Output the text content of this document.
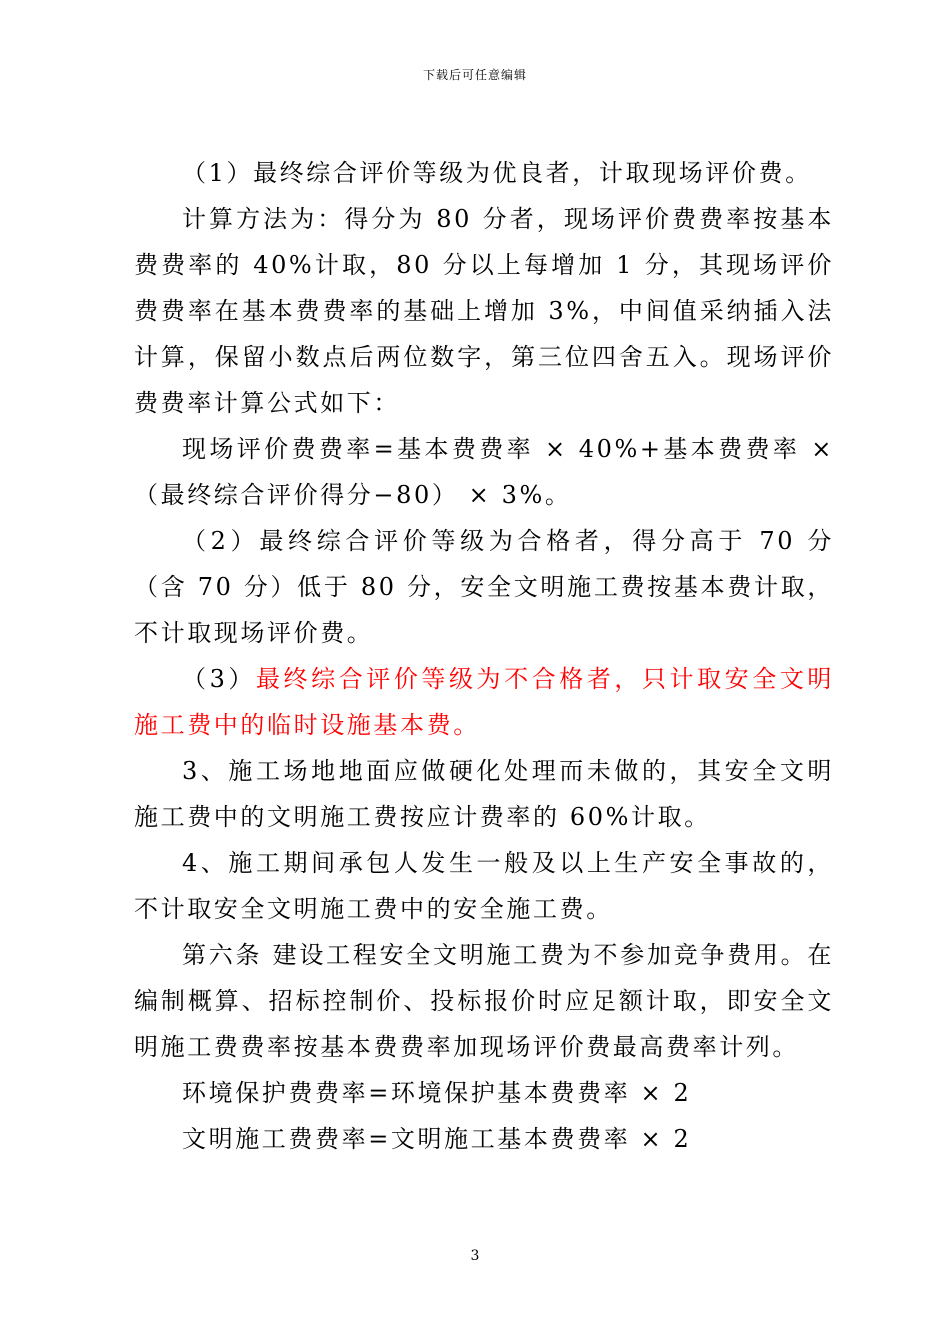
下载后可任意编辑

（1）最终综合评价等级为优良者，计取现场评价费。

计算方法为：得分为 80 分者，现场评价费费率按基本费费率的 40%计取，80 分以上每增加 1 分，其现场评价费费率在基本费费率的基础上增加 3%，中间值采纳插入法计算，保留小数点后两位数字，第三位四舍五入。现场评价费费率计算公式如下：

现场评价费费率=基本费费率 × 40%+基本费费率 × （最终综合评价得分−80） × 3%。

（2）最终综合评价等级为合格者，得分高于 70 分（含 70 分）低于 80 分，安全文明施工费按基本费计取，不计取现场评价费。

（3）最终综合评价等级为不合格者，只计取安全文明施工费中的临时设施基本费。

3、施工场地地面应做硬化处理而未做的，其安全文明施工费中的文明施工费按应计费率的 60%计取。

4、施工期间承包人发生一般及以上生产安全事故的，不计取安全文明施工费中的安全施工费。

第六条 建设工程安全文明施工费为不参加竞争费用。在编制概算、招标控制价、投标报价时应足额计取，即安全文明施工费费率按基本费费率加现场评价费最高费率计列。

环境保护费费率=环境保护基本费费率 × 2

文明施工费费率=文明施工基本费费率 × 2

3
